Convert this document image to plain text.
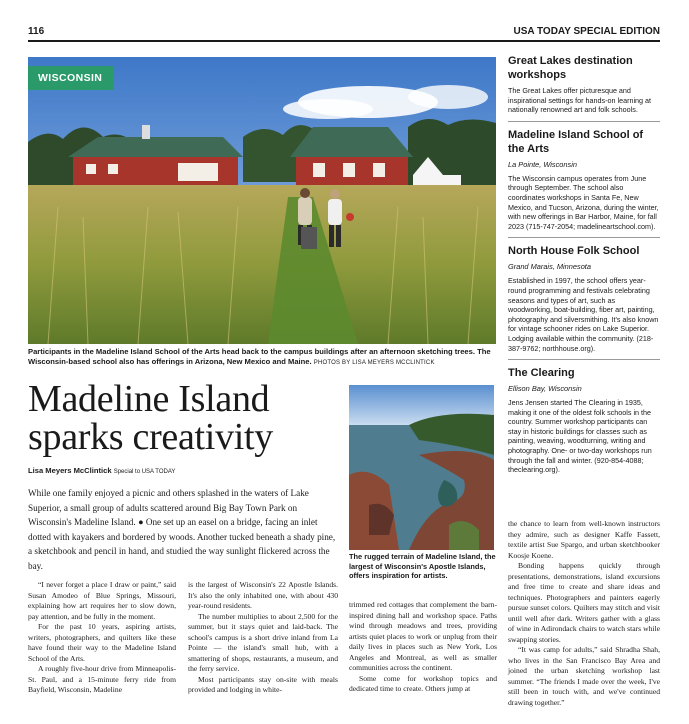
116	USA TODAY SPECIAL EDITION
WISCONSIN
Participants in the Madeline Island School of the Arts head back to the campus buildings after an afternoon sketching trees. The Wisconsin-based school also has offerings in Arizona, New Mexico and Maine. PHOTOS BY LISA MEYERS MCCLINTICK
Madeline Island
sparks creativity
Lisa Meyers McClintick Special to USA TODAY
While one family enjoyed a picnic and others splashed in the waters of Lake Superior, a small group of adults scattered around Big Bay Town Park on Wisconsin's Madeline Island. ● One set up an easel on a bridge, facing an inlet dotted with kayakers and bordered by woods. Another tucked beneath a shady pine, a sketchbook and pencil in hand, and studied the way sunlight flickered across the bay.

“I never forget a place I draw or paint,” said Susan Amodeo of Blue Springs, Missouri, explaining how art requires her to slow down, pay attention, and be fully in the moment.

For the past 10 years, aspiring artists, writers, photographers, and quilters like these have found their way to the Madeline Island School of the Arts.

A roughly five-hour drive from Minneapolis-St. Paul, and a 15-minute ferry ride from Bayfield, Wisconsin, Madeline

is the largest of Wisconsin's 22 Apostle Islands. It's also the only inhabited one, with about 430 year-round residents.

The number multiplies to about 2,500 for the summer, but it stays quiet and laid-back. The school's campus is a short drive inland from La Pointe — the island's small hub, with a smattering of shops, restaurants, a museum, and the ferry service.

Most participants stay on-site with meals provided and lodging in white-

The rugged terrain of Madeline Island, the largest of Wisconsin's Apostle Islands, offers inspiration for artists.

trimmed red cottages that complement the barn-inspired dining hall and workshop space. Paths wind through meadows and trees, providing artists quiet places to work or unplug from their daily lives in places such as New York, Los Angeles and Montreal, as well as smaller communities across the continent.

Some come for workshop topics and dedicated time to create. Others jump at

the chance to learn from well-known instructors they admire, such as designer Kaffe Fassett, textile artist Sue Spargo, and urban sketchbooker Koosje Koene.

Bonding happens quickly through presentations, demonstrations, island excursions and free time to create and share ideas and techniques. Photographers and painters eagerly pursue sunset colors. Quilters may stitch and visit until well after dark. Writers gather with a glass of wine in Adirondack chairs to watch stars while swapping stories.

“It was camp for adults,” said Shradha Shah, who lives in the San Francisco Bay Area and joined the urban sketching workshop last summer. “The friends I made over the week, I've still been in touch with, and we've continued drawing together.”

Great Lakes destination workshops
The Great Lakes offer picturesque and inspirational settings for hands-on learning at nationally renowned art and folk schools.
Madeline Island School of the Arts
La Pointe, Wisconsin
The Wisconsin campus operates from June through September. The school also coordinates workshops in Santa Fe, New Mexico, and Tucson, Arizona, during the winter, with new offerings in Bar Harbor, Maine, for fall 2023 (715-747-2054; madelineartschool.com).
North House Folk School
Grand Marais, Minnesota
Established in 1997, the school offers year-round programming and festivals celebrating seasons and types of art, such as woodworking, boat-building, fiber art, painting, photography and silversmithing. It's also known for vintage schooner rides on Lake Superior. Lodging available within the community. (218-387-9762; northhouse.org).
The Clearing
Ellison Bay, Wisconsin
Jens Jensen started The Clearing in 1935, making it one of the oldest folk schools in the country. Summer workshop participants can stay in historic buildings for classes such as painting, weaving, woodturning, writing and photography. One- or two-day workshops run through the fall and winter. (920-854-4088; theclearing.org).
